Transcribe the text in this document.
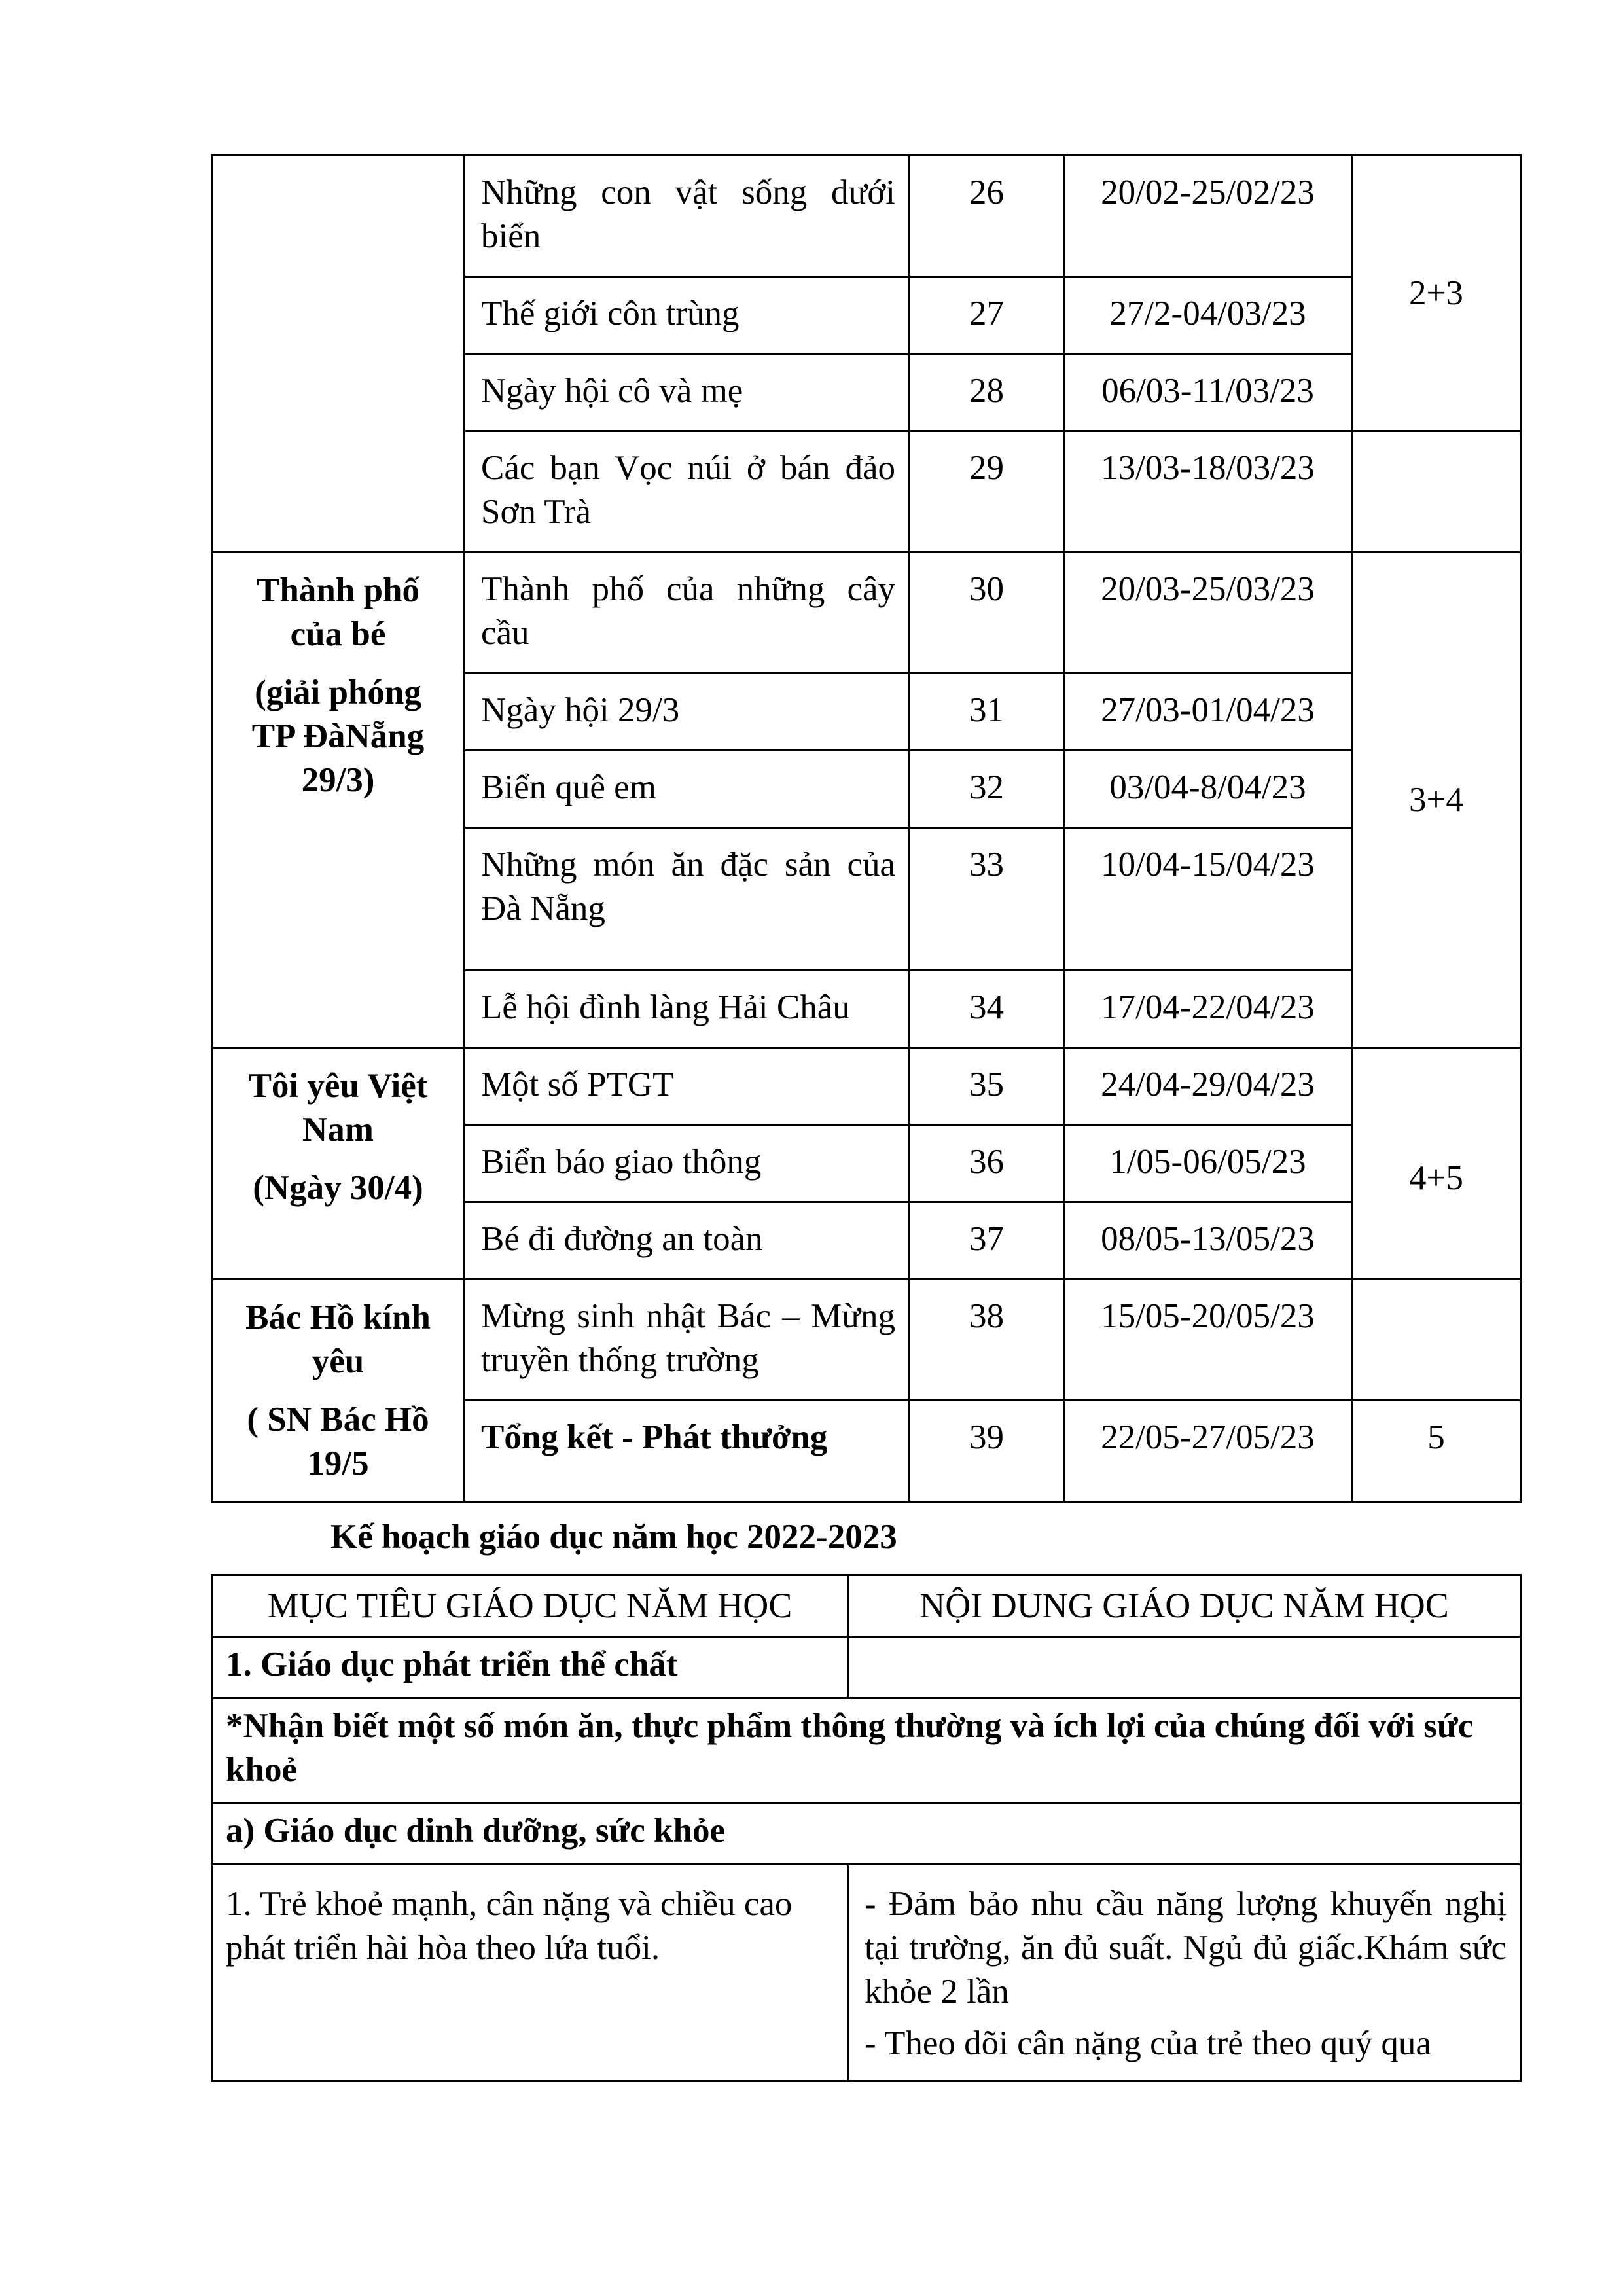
	Những con vật sống dưới biển	26	20/02-25/02/23	2+3
	Thế giới côn trùng	27	27/2-04/03/23	
	Ngày hội cô và mẹ	28	06/03-11/03/23	
	Các bạn Vọc núi ở bán đảo Sơn Trà	29	13/03-18/03/23	

Thành phố
của bé
(giải phóng
TP ĐàNẵng
29/3)	Thành phố của những cây cầu	30	20/03-25/03/23	3+4
	Ngày hội 29/3	31	27/03-01/04/23	
	Biển quê em	32	03/04-8/04/23	
	Những món ăn đặc sản của Đà Nẵng	33	10/04-15/04/23	
	Lễ hội đình làng Hải Châu	34	17/04-22/04/23	

Tôi yêu Việt
Nam
(Ngày 30/4)	Một số PTGT	35	24/04-29/04/23	4+5
	Biển báo giao thông	36	1/05-06/05/23	
	Bé đi đường an toàn	37	08/05-13/05/23	

Bác Hồ kính
yêu
( SN Bác Hồ
19/5	Mừng sinh nhật Bác – Mừng truyền thống trường	38	15/05-20/05/23	
	Tổng kết - Phát thưởng	39	22/05-27/05/23	5
Kế hoạch giáo dục năm học 2022-2023
MỤC TIÊU GIÁO DỤC NĂM HỌC	NỘI DUNG GIÁO DỤC NĂM HỌC
1. Giáo dục phát triển thể chất	
*Nhận biết một số món ăn, thực phẩm thông thường và ích lợi của chúng đối với sức khoẻ	
a) Giáo dục dinh dưỡng, sức khỏe	
1. Trẻ khoẻ mạnh, cân nặng và chiều cao phát triển hài hòa theo lứa tuổi.	- Đảm bảo nhu cầu năng lượng khuyến nghị tại trường, ăn đủ suất. Ngủ đủ giấc.Khám sức khỏe 2 lần

- Theo dõi cân nặng của trẻ theo quý qua
